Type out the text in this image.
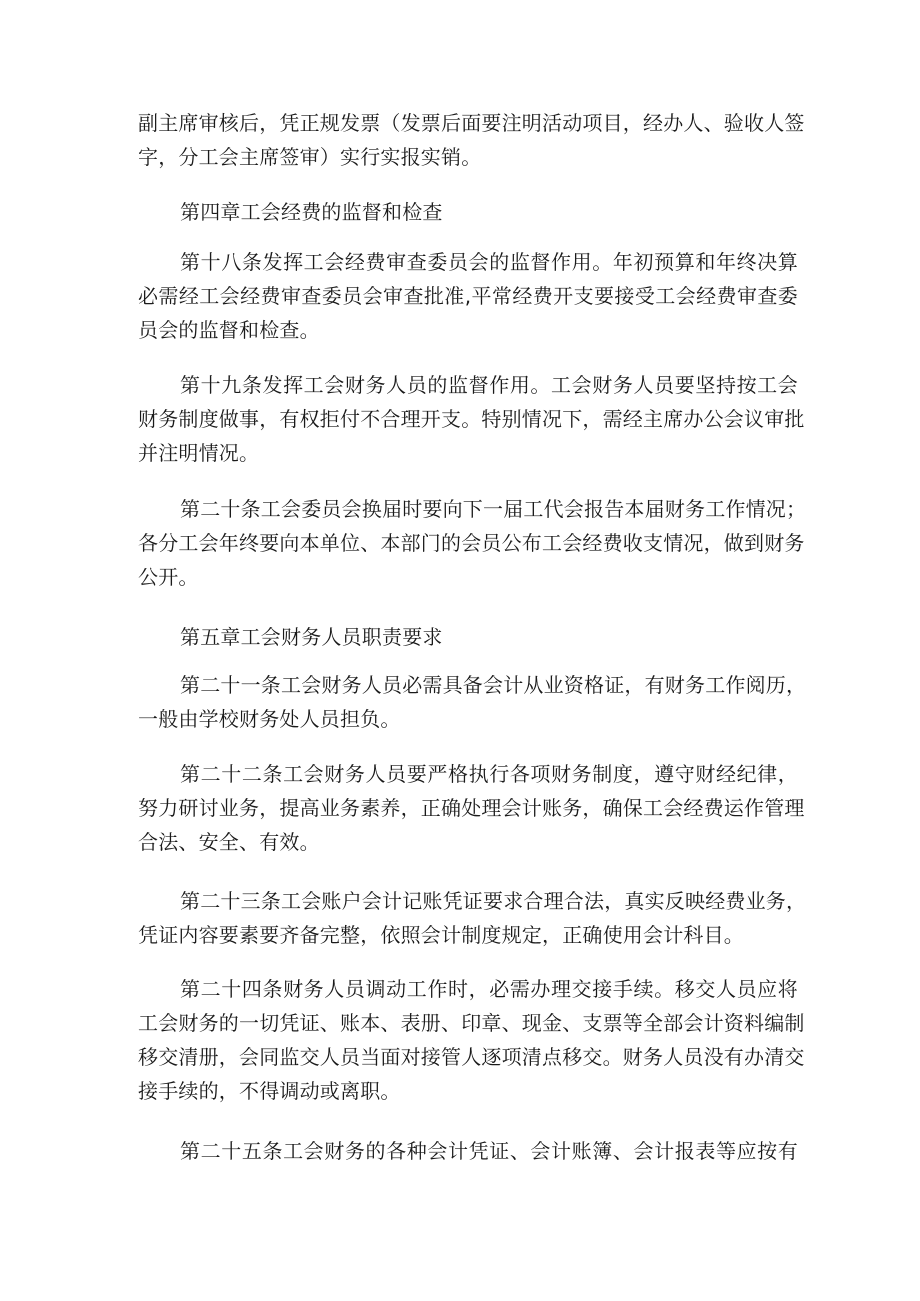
副主席审核后，凭正规发票（发票后面要注明活动项目，经办人、验收人签
字，分工会主席签审）实行实报实销。

第四章工会经费的监督和检查

第十八条发挥工会经费审查委员会的监督作用。年初预算和年终决算
必需经工会经费审查委员会审查批准,平常经费开支要接受工会经费审查委
员会的监督和检查。
第十九条发挥工会财务人员的监督作用。工会财务人员要坚持按工会
财务制度做事，有权拒付不合理开支。特别情况下，需经主席办公会议审批
并注明情况。
第二十条工会委员会换届时要向下一届工代会报告本届财务工作情况；
各分工会年终要向本单位、本部门的会员公布工会经费收支情况，做到财务
公开。

第五章工会财务人员职责要求

第二十一条工会财务人员必需具备会计从业资格证，有财务工作阅历，
一般由学校财务处人员担负。
第二十二条工会财务人员要严格执行各项财务制度，遵守财经纪律，
努力研讨业务，提高业务素养，正确处理会计账务，确保工会经费运作管理
合法、安全、有效。
第二十三条工会账户会计记账凭证要求合理合法，真实反映经费业务，
凭证内容要素要齐备完整，依照会计制度规定，正确使用会计科目。
第二十四条财务人员调动工作时，必需办理交接手续。移交人员应将
工会财务的一切凭证、账本、表册、印章、现金、支票等全部会计资料编制
移交清册，会同监交人员当面对接管人逐项清点移交。财务人员没有办清交
接手续的，不得调动或离职。
第二十五条工会财务的各种会计凭证、会计账簿、会计报表等应按有
